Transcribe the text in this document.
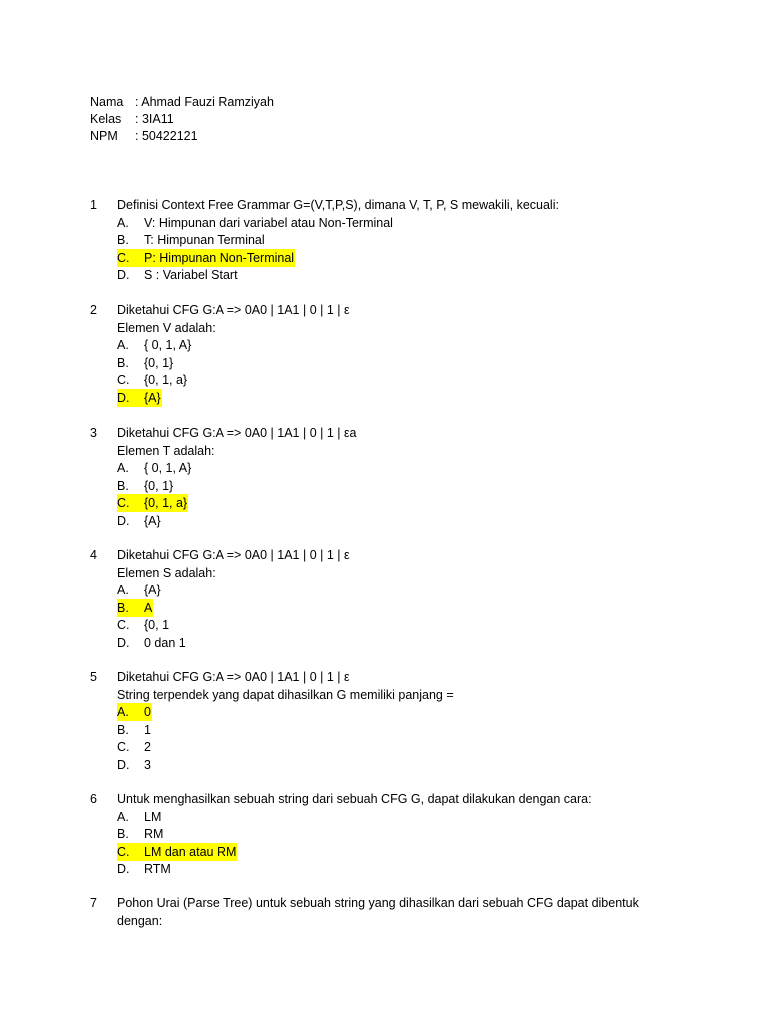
Nama : Ahmad Fauzi Ramziyah
Kelas : 3IA11
NPM : 50422121
1 Definisi Context Free Grammar G=(V,T,P,S), dimana V, T, P, S mewakili, kecuali:
A.	V: Himpunan dari variabel atau Non-Terminal
B.	T: Himpunan Terminal
C.	P: Himpunan Non-Terminal
D.	S : Variabel Start
2 Diketahui CFG G:A => 0A0 | 1A1 | 0 | 1 | ε
Elemen V adalah:
A.	{ 0, 1, A}
B.	{0, 1}
C.	{0, 1, a}
D.	{A}
3 Diketahui CFG G:A => 0A0 | 1A1 | 0 | 1 | εa
Elemen T adalah:
A.	{ 0, 1, A}
B.	{0, 1}
C.	{0, 1, a}
D.	{A}
4 Diketahui CFG G:A => 0A0 | 1A1 | 0 | 1 | ε
Elemen S adalah:
A.	{A}
B.	A
C.	{0, 1
D.	0 dan 1
5 Diketahui CFG G:A => 0A0 | 1A1 | 0 | 1 | ε
String terpendek yang dapat dihasilkan G memiliki panjang =
A.	0
B.	1
C.	2
D.	3
6 Untuk menghasilkan sebuah string dari sebuah CFG G, dapat dilakukan dengan cara:
A.	LM
B.	RM
C.	LM dan atau RM
D.	RTM
7 Pohon Urai (Parse Tree) untuk sebuah string yang dihasilkan dari sebuah CFG dapat dibentuk
dengan:
